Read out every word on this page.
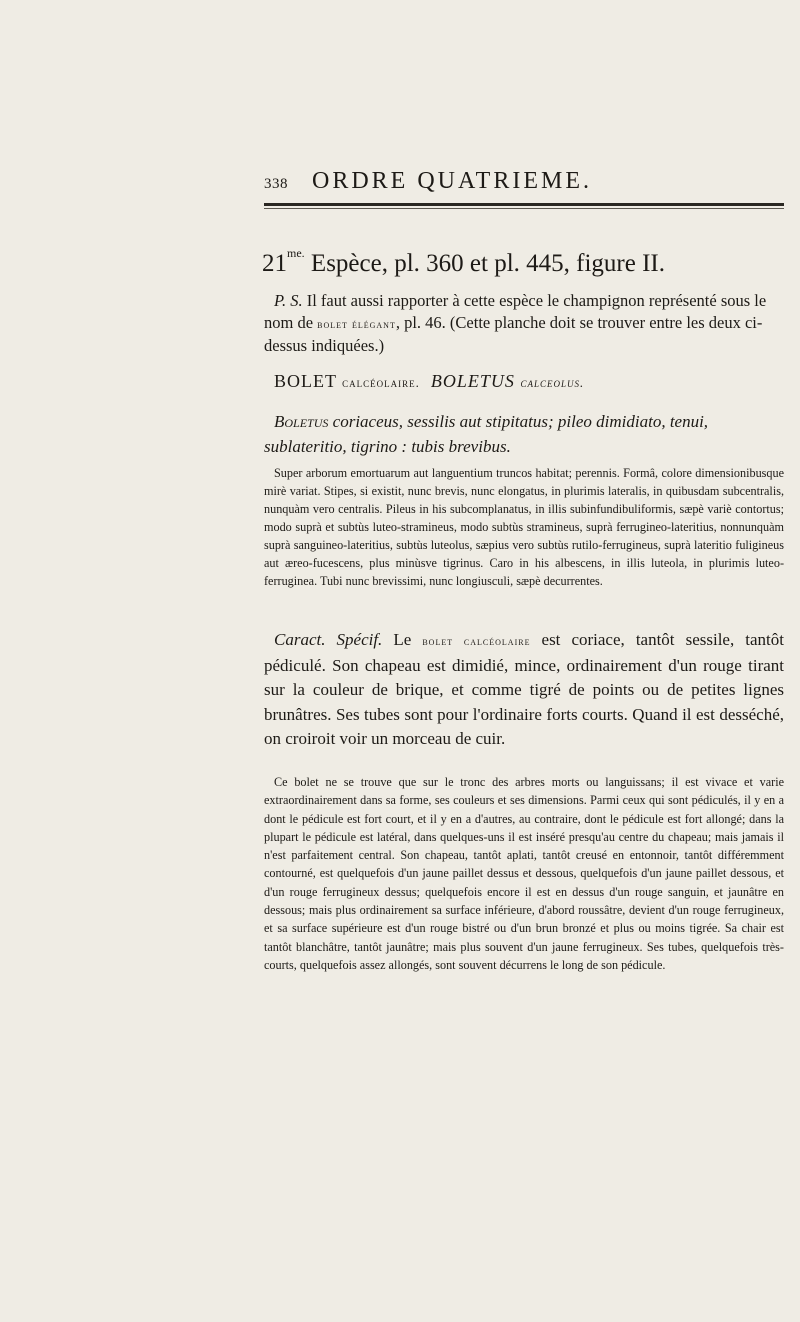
338 ORDRE QUATRIEME.
$21^{me.}$ Espèce, pl. 360 et pl. 445, figure II.

P. S. Il faut aussi rapporter à cette espèce le champignon représenté sous le nom de bolet élégant, pl. 46. (Cette planche doit se trouver entre les deux ci-dessus indiquées.)

BOLET calcéolaire. BOLETUS calceolus.

Boletus coriaceus, sessilis aut stipitatus; pileo dimidiato, tenui, sublateritio, tigrino : tubis brevibus.

Super arborum emortuarum aut languentium truncos habitat; perennis. Formâ, colore dimensionibusque mirè variat. Stipes, si existit, nunc brevis, nunc elongatus, in plurimis lateralis, in quibusdam subcentralis, nunquàm vero centralis. Pileus in his subcomplanatus, in illis subinfundibuliformis, sæpè variè contortus; modo suprà et subtùs luteo-stramineus, modo subtùs stramineus, suprà ferrugineo-lateritius, nonnunquàm suprà sanguineo-lateritius, subtùs luteolus, sæpius vero subtùs rutilo-ferrugineus, suprà lateritio fuligineus aut æreo-fucescens, plus minùsve tigrinus. Caro in his albescens, in illis luteola, in plurimis luteo-ferruginea. Tubi nunc brevissimi, nunc longiusculi, sæpè decurrentes.

Caract. Spécif. Le bolet calcéolaire est coriace, tantôt sessile, tantôt pédiculé. Son chapeau est dimidié, mince, ordinairement d'un rouge tirant sur la couleur de brique, et comme tigré de points ou de petites lignes brunâtres. Ses tubes sont pour l'ordinaire forts courts. Quand il est desséché, on croiroit voir un morceau de cuir.

Ce bolet ne se trouve que sur le tronc des arbres morts ou languissans; il est vivace et varie extraordinairement dans sa forme, ses couleurs et ses dimensions. Parmi ceux qui sont pédiculés, il y en a dont le pédicule est fort court, et il y en a d'autres, au contraire, dont le pédicule est fort allongé; dans la plupart le pédicule est latéral, dans quelques-uns il est inséré presqu'au centre du chapeau; mais jamais il n'est parfaitement central. Son chapeau, tantôt aplati, tantôt creusé en entonnoir, tantôt différemment contourné, est quelquefois d'un jaune paillet dessus et dessous, quelquefois d'un jaune paillet dessous, et d'un rouge ferrugineux dessus; quelquefois encore il est en dessus d'un rouge sanguin, et jaunâtre en dessous; mais plus ordinairement sa surface inférieure, d'abord roussâtre, devient d'un rouge ferrugineux, et sa surface supérieure est d'un rouge bistré ou d'un brun bronzé et plus ou moins tigrée. Sa chair est tantôt blanchâtre, tantôt jaunâtre; mais plus souvent d'un jaune ferrugineux. Ses tubes, quelquefois très-courts, quelquefois assez allongés, sont souvent décurrens le long de son pédicule.
